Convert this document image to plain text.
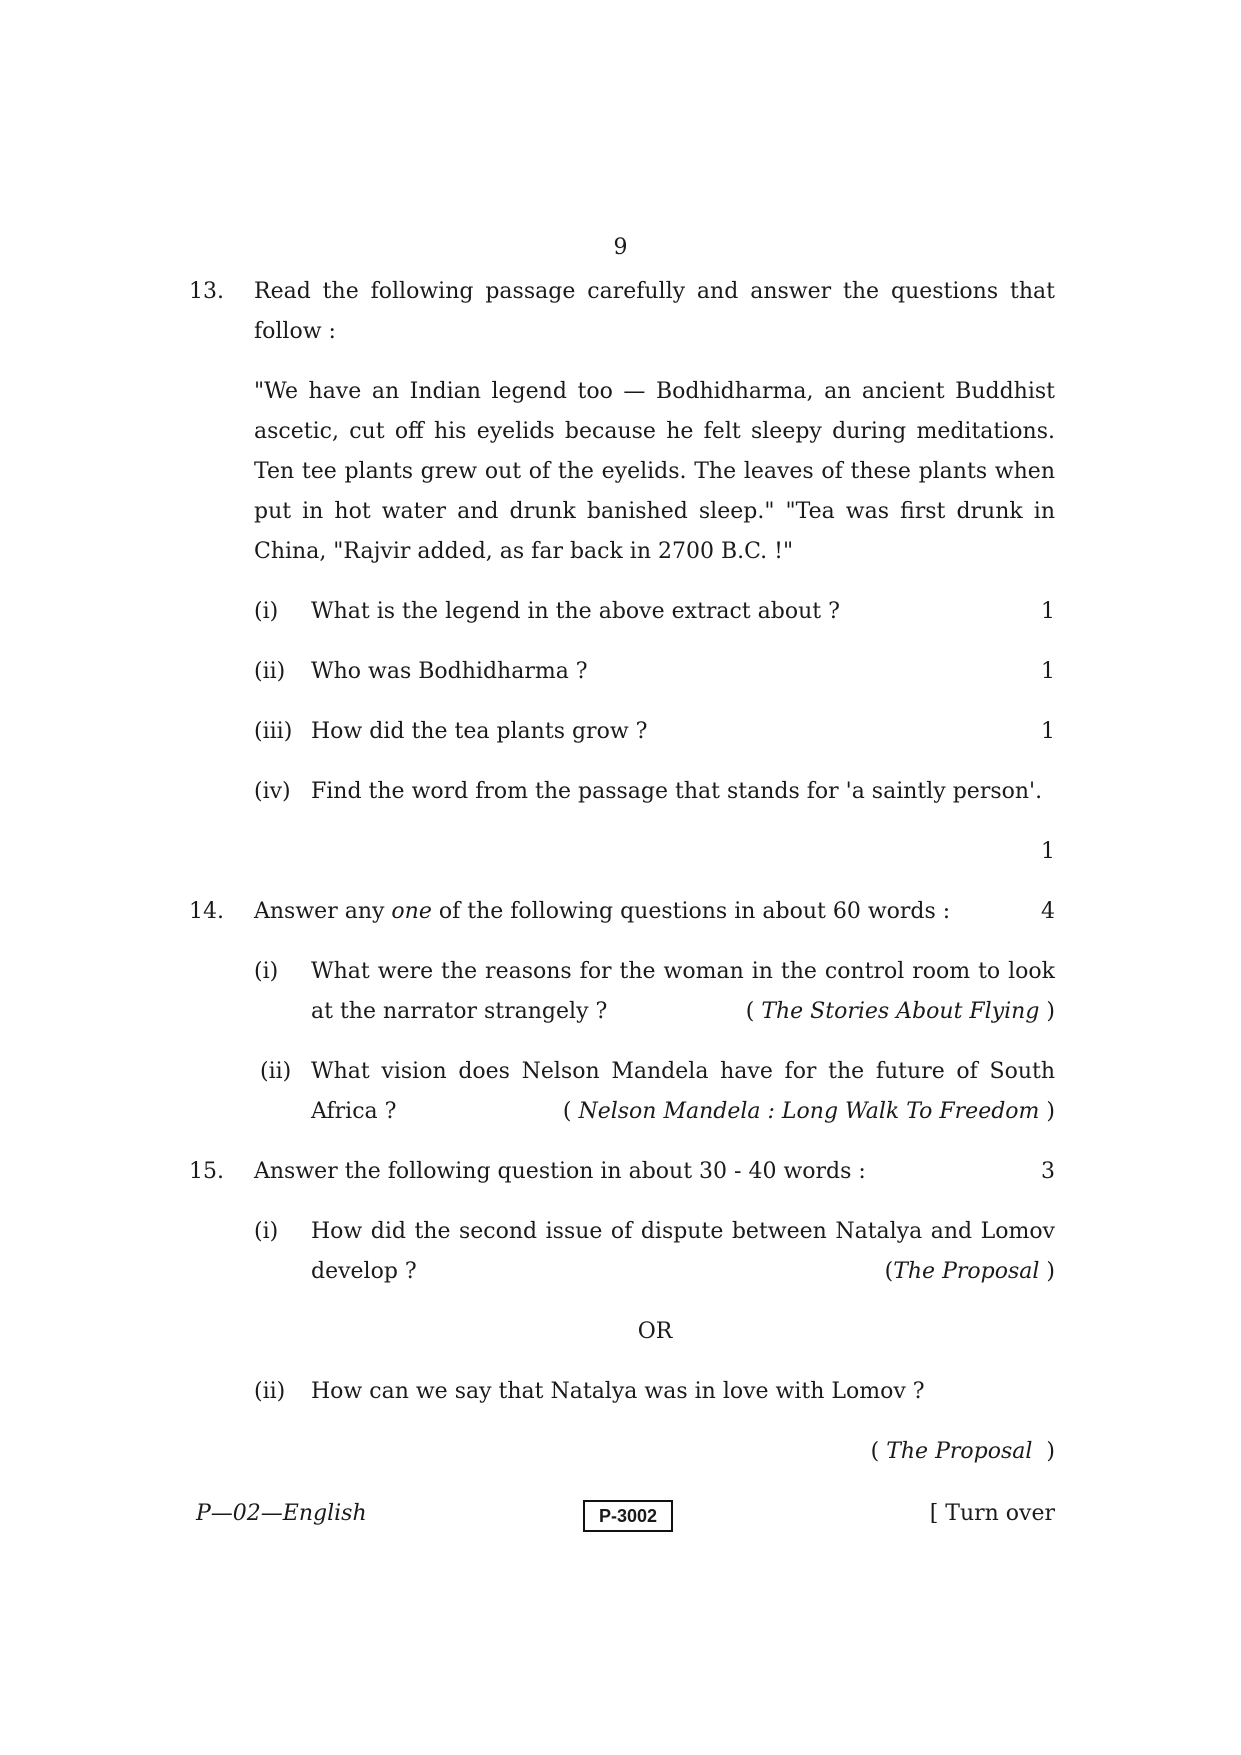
9
13. Read the following passage carefully and answer the questions that
follow :
"We have an Indian legend too — Bodhidharma, an ancient Buddhist
ascetic, cut off his eyelids because he felt sleepy during meditations.
Ten tee plants grew out of the eyelids. The leaves of these plants when
put in hot water and drunk banished sleep." "Tea was first drunk in
China, "Rajvir added, as far back in 2700 B.C. !"
(i) What is the legend in the above extract about ?	1
(ii) Who was Bodhidharma ?	1
(iii) How did the tea plants grow ?	1
(iv) Find the word from the passage that stands for 'a saintly person'.
1
14. Answer any one of the following questions in about 60 words :	4
(i) What were the reasons for the woman in the control room to look
at the narrator strangely ?	( The Stories About Flying )
(ii) What vision does Nelson Mandela have for the future of South
Africa ?	( Nelson Mandela : Long Walk To Freedom )
15. Answer the following question in about 30 - 40 words :	3
(i) How did the second issue of dispute between Natalya and Lomov
develop ?	(The Proposal )
OR
(ii) How can we say that Natalya was in love with Lomov ?
( The Proposal  )
P—02—English	P-3002	[ Turn over
